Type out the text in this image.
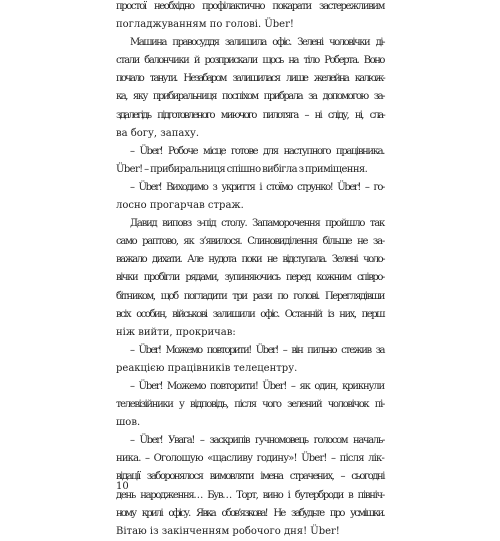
простої необхідно профілактично покарати застережливим
погладжуванням по голові. Über!
Машина правосуддя залишила офіс. Зелені чоловічки ді-
стали балончики й розприскали щось на тіло Роберта. Воно
почало танути. Незабаром залишилася лише желейна калюж-
ка, яку прибиральниця поспіхом прибрала за допомогою за-
здалегідь підготовленого миючого пилотяга – ні сліду, ні, сла-
ва богу, запаху.
– Über! Робоче місце готове для наступного працівника.
Über! – прибиральниця спішно вибігла з приміщення.
– Über! Виходимо з укриття і стоїмо струнко! Über! – го-
лосно прогарчав страж.
Давид виповз з-під столу. Запаморочення пройшло так
само раптово, як з’явилося. Слиновиділення більше не за-
важало дихати. Але нудота поки не відступала. Зелені чоло-
вічки пробігли рядами, зупиняючись перед кожним співро-
бітником, щоб погладити три рази по голові. Переглядівши
всіх особин, військові залишили офіс. Останній із них, перш
ніж вийти, прокричав:
– Über! Можемо повторити! Über! – він пильно стежив за
реакцією працівників телецентру.
– Über! Можемо повторити! Über! – як один, крикнули
телевізійники у відповідь, після чого зелений чоловічок пі-
шов.
– Über! Увага! – заскрипів гучномовець голосом началь-
ника. – Оголошую «щасливу годину»! Über! – після лік-
відації заборонялося вимовляти імена страчених, – сьогодні
день народження… Був… Торт, вино і бутерброди в північ-
ному крилі офісу. Явка обов’язкова! Не забудьте про усмішки.
Вітаю із закінченням робочого дня! Über!
10
